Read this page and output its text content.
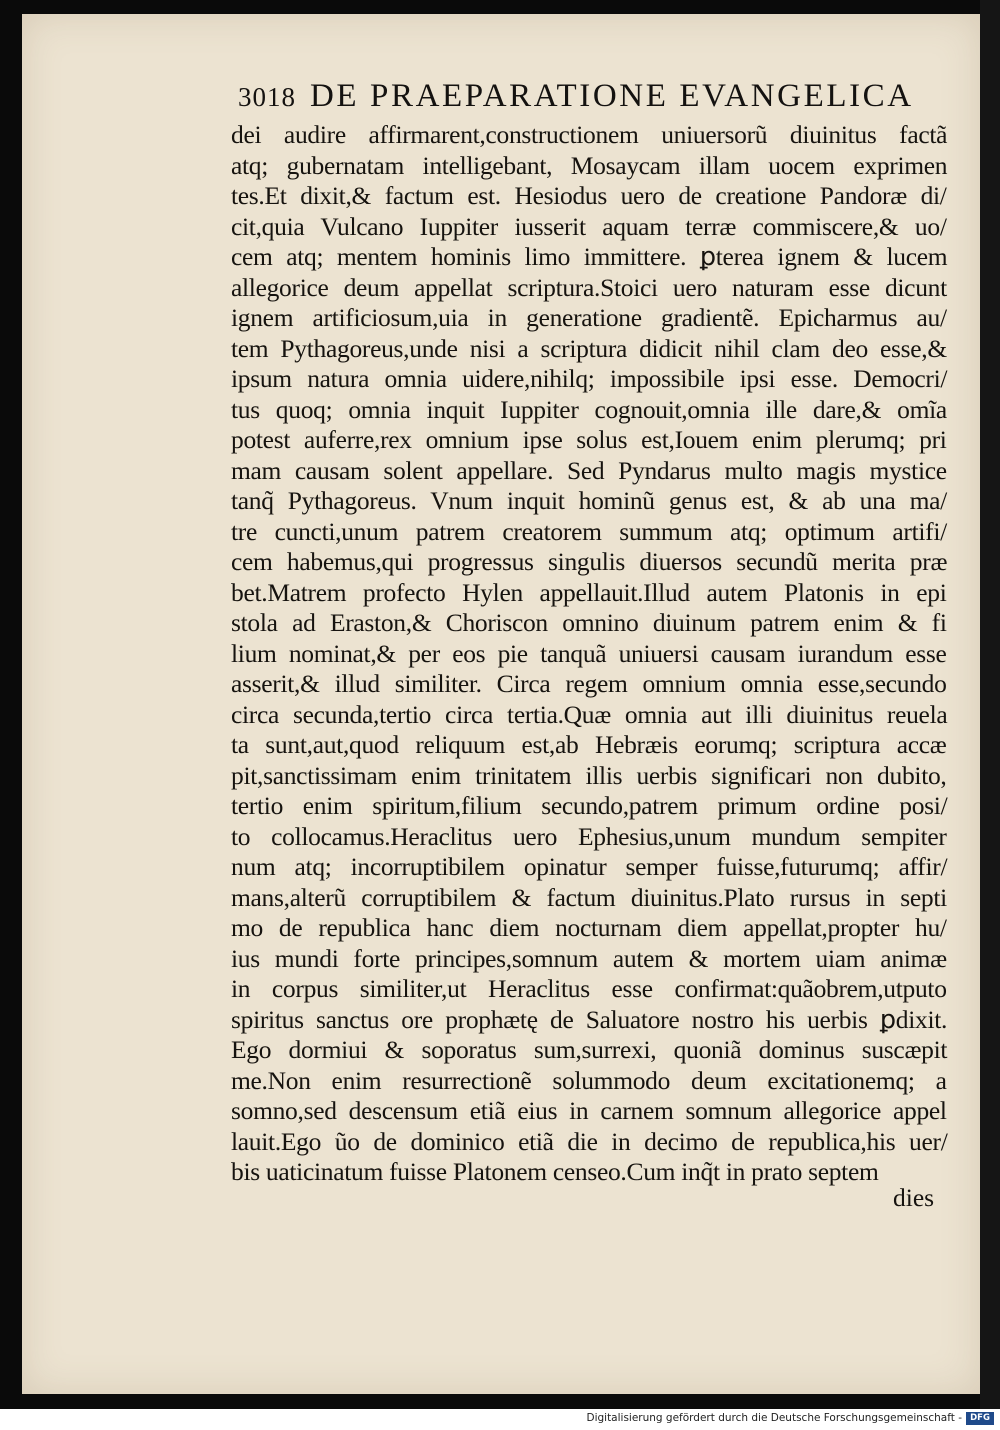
3018 DE PRAEPARATIONE EVANGELICA
dei audire affirmarent,constructionem uniuersorũ diuinitus factã
atq; gubernatam intelligebant, Mosaycam illam uocem exprimen
tes.Et dixit,& factum est. Hesiodus uero de creatione Pandoræ di/
cit,quia Vulcano Iuppiter iusserit aquam terræ commiscere,& uo/
cem atq; mentem hominis limo immittere. ꝑterea ignem & lucem
allegorice deum appellat scriptura.Stoici uero naturam esse dicunt
ignem artificiosum,uia in generatione gradientẽ. Epicharmus au/
tem Pythagoreus,unde nisi a scriptura didicit nihil clam deo esse,&
ipsum natura omnia uidere,nihilq; impossibile ipsi esse. Democri/
tus quoq; omnia inquit Iuppiter cognouit,omnia ille dare,& omĩa
potest auferre,rex omnium ipse solus est,Iouem enim plerumq; pri
mam causam solent appellare. Sed Pyndarus multo magis mystice
tanq̃ Pythagoreus. Vnum inquit hominũ genus est, & ab una ma/
tre cuncti,unum patrem creatorem summum atq; optimum artifi/
cem habemus,qui progressus singulis diuersos secundũ merita præ
bet.Matrem profecto Hylen appellauit.Illud autem Platonis in epi
stola ad Eraston,& Choriscon omnino diuinum patrem enim & fi
lium nominat,& per eos pie tanquã uniuersi causam iurandum esse
asserit,& illud similiter. Circa regem omnium omnia esse,secundo
circa secunda,tertio circa tertia.Quæ omnia aut illi diuinitus reuela
ta sunt,aut,quod reliquum est,ab Hebræis eorumq; scriptura accæ
pit,sanctissimam enim trinitatem illis uerbis significari non dubito,
tertio enim spiritum,filium secundo,patrem primum ordine posi/
to collocamus.Heraclitus uero Ephesius,unum mundum sempiter
num atq; incorruptibilem opinatur semper fuisse,futurumq; affir/
mans,alterũ corruptibilem & factum diuinitus.Plato rursus in septi
mo de republica hanc diem nocturnam diem appellat,propter hu/
ius mundi forte principes,somnum autem & mortem uiam animæ
in corpus similiter,ut Heraclitus esse confirmat:quãobrem,utputo
spiritus sanctus ore prophætę de Saluatore nostro his uerbis ꝑdixit.
Ego dormiui & soporatus sum,surrexi, quoniã dominus suscæpit
me.Non enim resurrectionẽ solummodo deum excitationemq; a
somno,sed descensum etiã eius in carnem somnum allegorice appel
lauit.Ego ũo de dominico etiã die in decimo de republica,his uer/
bis uaticinatum fuisse Platonem censeo.Cum inq̃t in prato septem
dies
Digitalisierung gefördert durch die Deutsche Forschungsgemeinschaft - DFG
